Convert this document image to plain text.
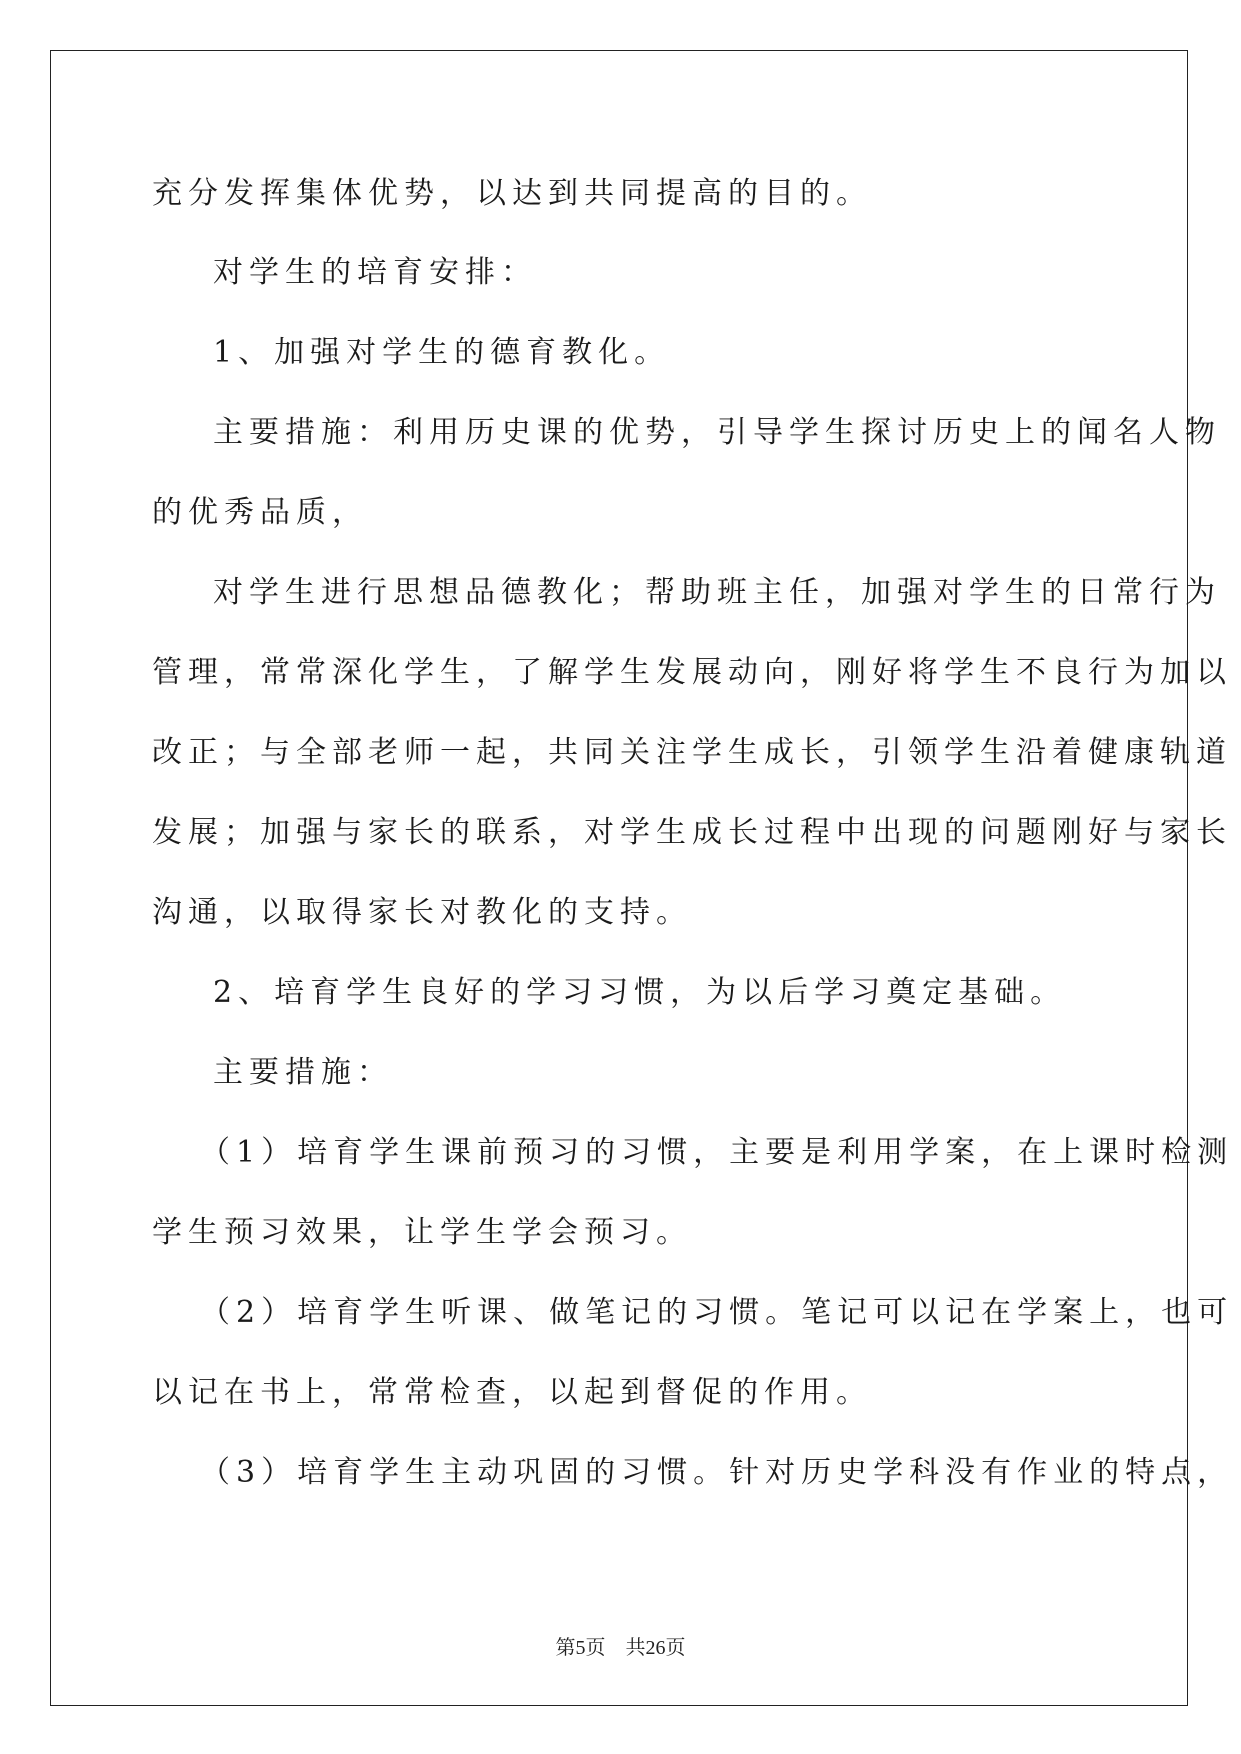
充分发挥集体优势，以达到共同提高的目的。
对学生的培育安排：
1、加强对学生的德育教化。
主要措施：利用历史课的优势，引导学生探讨历史上的闻名人物
的优秀品质，
对学生进行思想品德教化；帮助班主任，加强对学生的日常行为
管理，常常深化学生，了解学生发展动向，刚好将学生不良行为加以
改正；与全部老师一起，共同关注学生成长，引领学生沿着健康轨道
发展；加强与家长的联系，对学生成长过程中出现的问题刚好与家长
沟通，以取得家长对教化的支持。
2、培育学生良好的学习习惯，为以后学习奠定基础。
主要措施：
（1）培育学生课前预习的习惯，主要是利用学案，在上课时检测
学生预习效果，让学生学会预习。
（2）培育学生听课、做笔记的习惯。笔记可以记在学案上，也可
以记在书上，常常检查，以起到督促的作用。
（3）培育学生主动巩固的习惯。针对历史学科没有作业的特点，
第5页 共26页
